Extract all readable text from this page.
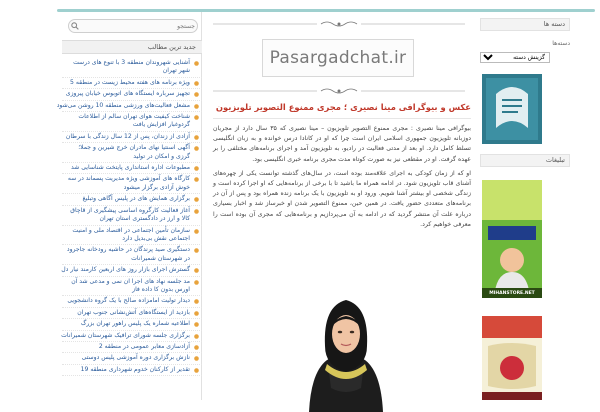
جستجو
جدید ترین مطالب
آشنایی شهروندان منطقه 3 با تنوع های درست شهر تهران
ویژه برنامه های هفته محیط زیست در منطقه 5
تجهیز سرباره ایستگاه های اتوبوس خیابان پیروزی
مشعل فعالیت‌های ورزشی منطقه 10 روشن می‌شود
شناخت کیفیت هوای تهران سالم از اطلاعات گردوغبار افزایش یافت
آزادی از زندان، پس از 12 سال زندگی با سرطان
آگهی اسنتیا نهای مادران خرج شیرین و جملا؛ گرزی و امکان در تولید
مطبوعات اداره استانداری پایتخت شناسایی شد
کارگاه های آموزشی ویژه مدیریت پسماند در سه خوش آزادی برگزار میشود
برگزاری همایش های در پلیس آگاهی وتبلیغ
آغاز فعالیت کارگروه اساسی پیشگیری از قاچاق کالا و ارز در دادگستری استان تهران
سازمان تأمین اجتماعی در اقتصاد ملی و امنیت اجتماعی نقش بی‌بدیل دارد
دستگیری صید پرندگان در حاشیه رودخانه جاجرود در شهرستان شمیرانات
گسترش اجرای بازار روز های اربعین کارمند نیار دل
مد جلسه نهاد های اجرا ان نمی و مدعی شد آن اورس بدون کا داده فاز
دیدار تولیت امامزاده صالح با یک گروه دانشجویی
بازدید از ایستگاه‌های آتش‌نشانی جنوب تهران
اطلاعیه شماره یک پلیس راهور تهران بزرگ
برگزاری جلسه شورای ترافیک شهرستان شمیرانات
آزادسازی معابر عمومی در منطقه 2
نازش برگزاری دوره آموزشی پلیس دوستی
تقدیر از کارکنان خدوم شهرداری منطقه 19
Pasargadchat.ir
عکس و بیوگرافی مینا نصیری ؛ مجری ممنوع التصویر تلویزیون

بیوگرافی مینا نصیری : مجری ممنوع التصویر تلویزیون – مینا نصیری که ۳۵ سال دارد از مجریان دوزبانه تلویزیون جمهوری اسلامی ایران است چرا که او در کانادا درس خوانده و به زبان انگلیسی تسلط کامل دارد. او بعد از مدتی فعالیت در رادیو، به تلویزیون آمد و اجرای برنامه‌های مختلفی را بر عهده گرفت. او در مقطعی نیز به صورت کوتاه مدت مجری برنامه خبری انگلیسی بود.

او که از زمان کودکی به اجرای علاقه‌مند بوده است، در سال‌های گذشته توانست یکی از چهره‌های آشنای قاب تلویزیون شود. در ادامه همراه ما باشید تا با برخی از برنامه‌هایی که او اجرا کرده است و زندگی شخصی او بیشتر آشنا شویم. ورود او به تلویزیون با یک برنامه زنده همراه بود و پس از آن در برنامه‌های متعددی حضور یافت. در همین حین، ممنوع التصویر شدن او خبرساز شد و اخبار بسیاری درباره علت آن منتشر گردید که در ادامه به آن می‌پردازیم و برنامه‌هایی که مجری آن بوده است را معرفی خواهیم کرد.

دسته ها
دسته‌ها
گزینش دسته
تبلیغات
MIHANSTORE.NET
